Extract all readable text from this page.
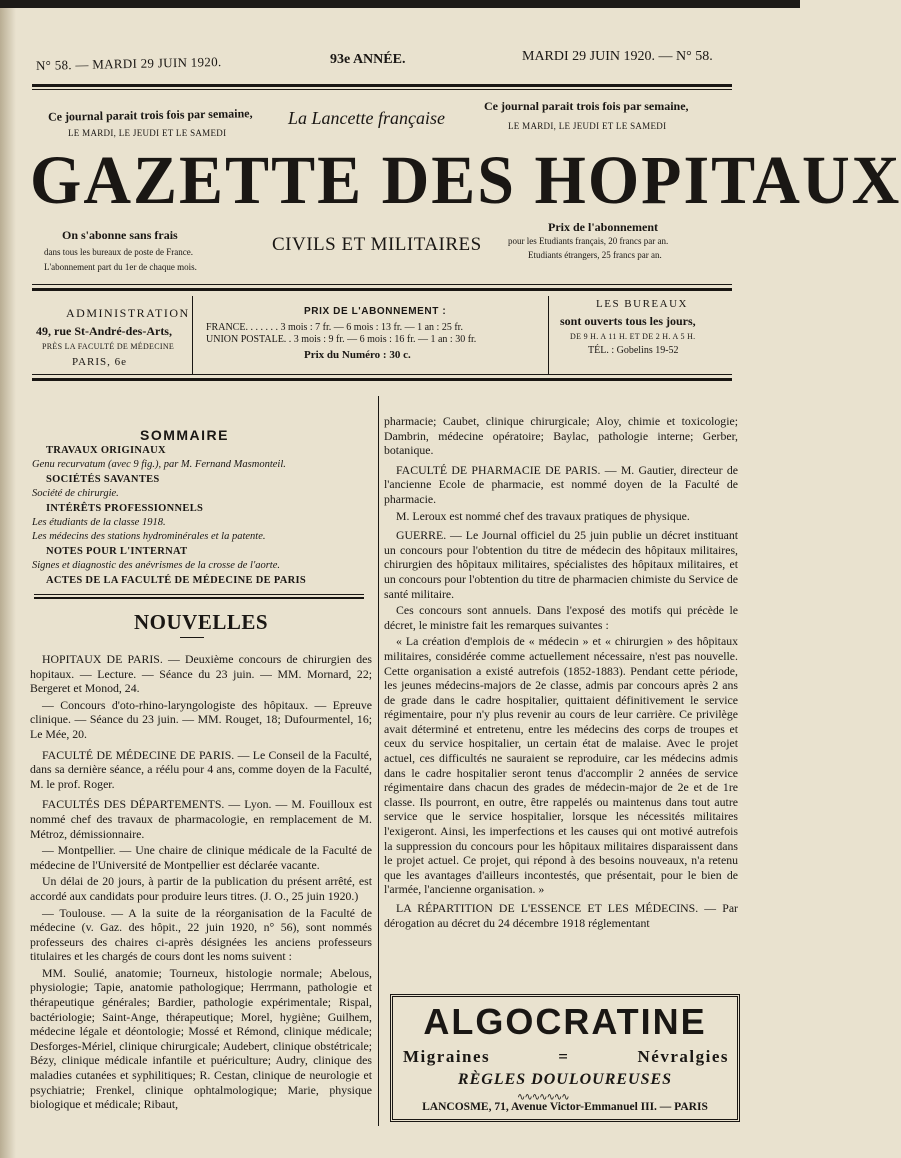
N° 58. — MARDI 29 JUIN 1920.	93e ANNÉE.	MARDI 29 JUIN 1920. — N° 58.
Ce journal parait trois fois par semaine,
LE MARDI, LE JEUDI ET LE SAMEDI
La Lancette française
Ce journal parait trois fois par semaine,
LE MARDI, LE JEUDI ET LE SAMEDI
GAZETTE DES HOPITAUX
On s'abonne sans frais
dans tous les bureaux de poste de France.
L'abonnement part du 1er de chaque mois.
CIVILS ET MILITAIRES
Prix de l'abonnement
pour les Etudiants français, 20 francs par an.
Etudiants étrangers, 25 francs par an.
ADMINISTRATION
49, rue St-André-des-Arts,
PRÈS LA FACULTÉ DE MÉDECINE
PARIS, 6e
PRIX DE L'ABONNEMENT :
FRANCE. . . . . . . 3 mois : 7 fr. — 6 mois : 13 fr. — 1 an : 25 fr.
UNION POSTALE. . 3 mois : 9 fr. — 6 mois : 16 fr. — 1 an : 30 fr.
Prix du Numéro : 30 c.
LES BUREAUX
sont ouverts tous les jours,
DE 9 H. A 11 H. ET DE 2 H. A 5 H.
TÉL. : Gobelins 19-52
SOMMAIRE
TRAVAUX ORIGINAUX
Genu recurvatum (avec 9 fig.), par M. Fernand Masmonteil.
SOCIÉTÉS SAVANTES
Société de chirurgie.
INTÉRÊTS PROFESSIONNELS
Les étudiants de la classe 1918.
Les médecins des stations hydrominérales et la patente.
NOTES POUR L'INTERNAT
Signes et diagnostic des anévrismes de la crosse de l'aorte.
ACTES DE LA FACULTÉ DE MÉDECINE DE PARIS
NOUVELLES

HOPITAUX DE PARIS. — Deuxième concours de chirurgien des hopitaux. — Lecture. — Séance du 23 juin. — MM. Mornard, 22; Bergeret et Monod, 24.

— Concours d'oto-rhino-laryngologiste des hôpitaux. — Epreuve clinique. — Séance du 23 juin. — MM. Rouget, 18; Dufourmentel, 16; Le Mée, 20.

FACULTÉ DE MÉDECINE DE PARIS. — Le Conseil de la Faculté, dans sa dernière séance, a réélu pour 4 ans, comme doyen de la Faculté, M. le prof. Roger.

FACULTÉS DES DÉPARTEMENTS. — Lyon. — M. Fouilloux est nommé chef des travaux de pharmacologie, en remplacement de M. Métroz, démissionnaire.

— Montpellier. — Une chaire de clinique médicale de la Faculté de médecine de l'Université de Montpellier est déclarée vacante.

Un délai de 20 jours, à partir de la publication du présent arrêté, est accordé aux candidats pour produire leurs titres. (J. O., 25 juin 1920.)

— Toulouse. — A la suite de la réorganisation de la Faculté de médecine (v. Gaz. des hôpit., 22 juin 1920, n° 56), sont nommés professeurs des chaires ci-après désignées les anciens professeurs titulaires et les chargés de cours dont les noms suivent :

MM. Soulié, anatomie; Tourneux, histologie normale; Abelous, physiologie; Tapie, anatomie pathologique; Herrmann, pathologie et thérapeutique générales; Bardier, pathologie expérimentale; Rispal, bactériologie; Saint-Ange, thérapeutique; Morel, hygiène; Guilhem, médecine légale et déontologie; Mossé et Rémond, clinique médicale; Desforges-Mériel, clinique chirurgicale; Audebert, clinique obstétricale; Bézy, clinique médicale infantile et puériculture; Audry, clinique des maladies cutanées et syphilitiques; R. Cestan, clinique de neurologie et psychiatrie; Frenkel, clinique ophtalmologique; Marie, physique biologique et médicale; Ribaut,

pharmacie; Caubet, clinique chirurgicale; Aloy, chimie et toxicologie; Dambrin, médecine opératoire; Baylac, pathologie interne; Gerber, botanique.

FACULTÉ DE PHARMACIE DE PARIS. — M. Gautier, directeur de l'ancienne Ecole de pharmacie, est nommé doyen de la Faculté de pharmacie.

M. Leroux est nommé chef des travaux pratiques de physique.

GUERRE. — Le Journal officiel du 25 juin publie un décret instituant un concours pour l'obtention du titre de médecin des hôpitaux militaires, chirurgien des hôpitaux militaires, spécialistes des hôpitaux militaires, et un concours pour l'obtention du titre de pharmacien chimiste du Service de santé militaire.

Ces concours sont annuels. Dans l'exposé des motifs qui précède le décret, le ministre fait les remarques suivantes :

« La création d'emplois de « médecin » et « chirurgien » des hôpitaux militaires, considérée comme actuellement nécessaire, n'est pas nouvelle. Cette organisation a existé autrefois (1852-1883). Pendant cette période, les jeunes médecins-majors de 2e classe, admis par concours après 2 ans de grade dans le cadre hospitalier, quittaient définitivement le service régimentaire, pour n'y plus revenir au cours de leur carrière. Ce privilège avait déterminé et entretenu, entre les médecins des corps de troupes et ceux du service hospitalier, un certain état de malaise. Avec le projet actuel, ces difficultés ne sauraient se reproduire, car les médecins admis dans le cadre hospitalier seront tenus d'accomplir 2 années de service régimentaire dans chacun des grades de médecin-major de 2e et de 1re classe. Ils pourront, en outre, être rappelés ou maintenus dans tout autre service que le service hospitalier, lorsque les nécessités militaires l'exigeront. Ainsi, les imperfections et les causes qui ont motivé autrefois la suppression du concours pour les hôpitaux militaires disparaissent dans le projet actuel. Ce projet, qui répond à des besoins nouveaux, n'a retenu que les avantages d'ailleurs incontestés, que présentait, pour le bien de l'armée, l'ancienne organisation. »

LA RÉPARTITION DE L'ESSENCE ET LES MÉDECINS. — Par dérogation au décret du 24 décembre 1918 réglementant

ALGOCRATINE
Migraines	=	Névralgies
RÈGLES DOULOUREUSES
∿∿∿∿∿∿∿
LANCOSME, 71, Avenue Victor-Emmanuel III. — PARIS
